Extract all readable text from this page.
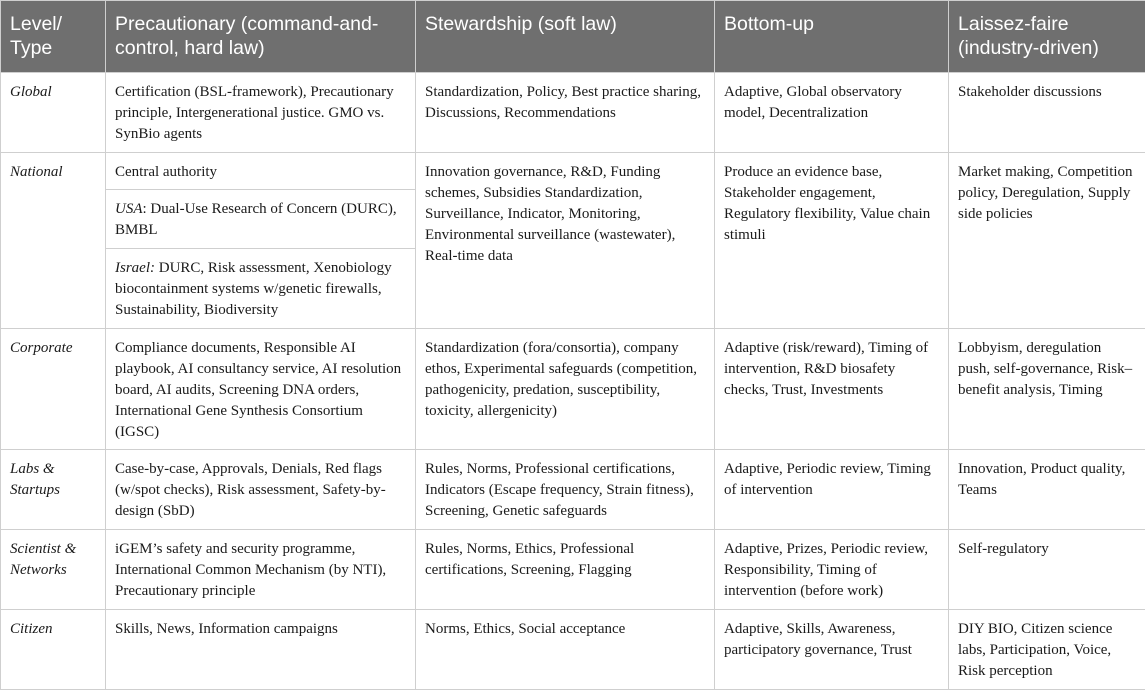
Level/ Type	Precautionary (command-and-control, hard law)	Stewardship (soft law)	Bottom-up	Laissez-faire (industry-driven)
Global	Certification (BSL-framework), Precautionary principle, Intergenerational justice. GMO vs. SynBio agents	Standardization, Policy, Best practice sharing, Discussions, Recommendations	Adaptive, Global observatory model, Decentralization	Stakeholder discussions
National	Central authority	Innovation governance, R&D, Funding schemes, Subsidies Standardization, Surveillance, Indicator, Monitoring, Environmental surveillance (wastewater), Real-time data	Produce an evidence base, Stakeholder engagement, Regulatory flexibility, Value chain stimuli	Market making, Competition policy, Deregulation, Supply side policies
	USA: Dual-Use Research of Concern (DURC), BMBL			
	Israel: DURC, Risk assessment, Xenobiology biocontainment systems w/genetic firewalls, Sustainability, Biodiversity			
Corporate	Compliance documents, Responsible AI playbook, AI consultancy service, AI resolution board, AI audits, Screening DNA orders, International Gene Synthesis Consortium (IGSC)	Standardization (fora/consortia), company ethos, Experimental safeguards (competition, pathogenicity, predation, susceptibility, toxicity, allergenicity)	Adaptive (risk/reward), Timing of intervention, R&D biosafety checks, Trust, Investments	Lobbyism, deregulation push, self-governance, Risk–benefit analysis, Timing
Labs & Startups	Case-by-case, Approvals, Denials, Red flags (w/spot checks), Risk assessment, Safety-by-design (SbD)	Rules, Norms, Professional certifications, Indicators (Escape frequency, Strain fitness), Screening, Genetic safeguards	Adaptive, Periodic review, Timing of intervention	Innovation, Product quality, Teams
Scientist & Networks	iGEM’s safety and security programme, International Common Mechanism (by NTI), Precautionary principle	Rules, Norms, Ethics, Professional certifications, Screening, Flagging	Adaptive, Prizes, Periodic review, Responsibility, Timing of intervention (before work)	Self-regulatory
Citizen	Skills, News, Information campaigns	Norms, Ethics, Social acceptance	Adaptive, Skills, Awareness, participatory governance, Trust	DIY BIO, Citizen science labs, Participation, Voice, Risk perception
